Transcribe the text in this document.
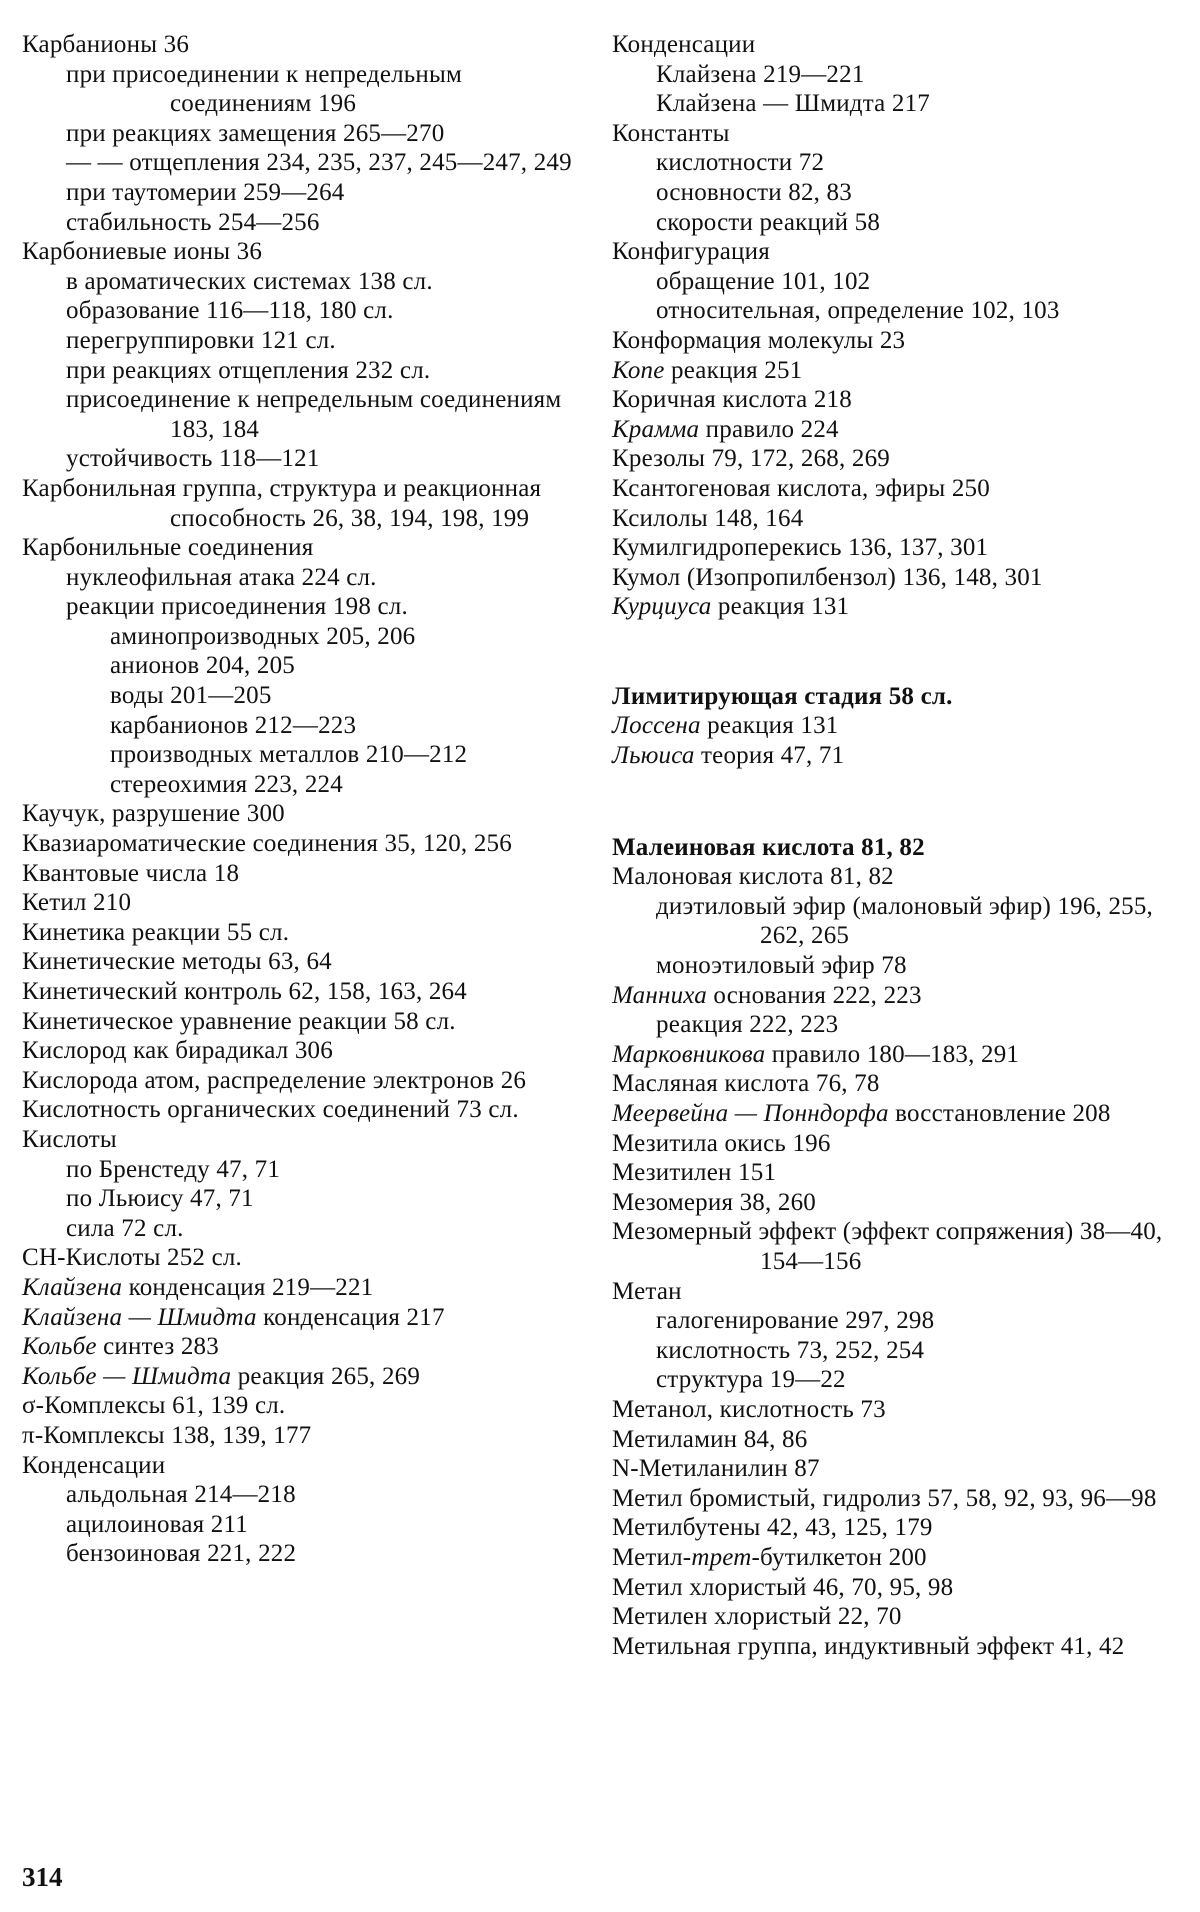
Карбанионы 36
при присоединении к непредельным соединениям 196
при реакциях замещения 265—270
— — отщепления 234, 235, 237, 245—247, 249
при таутомерии 259—264
стабильность 254—256
Карбониевые ионы 36
в ароматических системах 138 сл.
образование 116—118, 180 сл.
перегруппировки 121 сл.
при реакциях отщепления 232 сл.
присоединение к непредельным соединениям 183, 184
устойчивость 118—121
Карбонильная группа, структура и реакционная способность 26, 38, 194, 198, 199
Карбонильные соединения
нуклеофильная атака 224 сл.
реакции присоединения 198 сл.
аминопроизводных 205, 206
анионов 204, 205
воды 201—205
карбанионов 212—223
производных металлов 210—212
стереохимия 223, 224
Каучук, разрушение 300
Квазиароматические соединения 35, 120, 256
Квантовые числа 18
Кетил 210
Кинетика реакции 55 сл.
Кинетические методы 63, 64
Кинетический контроль 62, 158, 163, 264
Кинетическое уравнение реакции 58 сл.
Кислород как бирадикал 306
Кислорода атом, распределение электронов 26
Кислотность органических соединений 73 сл.
Кислоты
по Бренстеду 47, 71
по Льюису 47, 71
сила 72 сл.
СН-Кислоты 252 сл.
Клайзена конденсация 219—221
Клайзена — Шмидта конденсация 217
Кольбе синтез 283
Кольбе — Шмидта реакция 265, 269
σ-Комплексы 61, 139 сл.
π-Комплексы 138, 139, 177
Конденсации
альдольная 214—218
ацилоиновая 211
бензоиновая 221, 222
Конденсации
Клайзена 219—221
Клайзена — Шмидта 217
Константы
кислотности 72
основности 82, 83
скорости реакций 58
Конфигурация
обращение 101, 102
относительная, определение 102, 103
Конформация молекулы 23
Копе реакция 251
Коричная кислота 218
Крамма правило 224
Крезолы 79, 172, 268, 269
Ксантогеновая кислота, эфиры 250
Ксилолы 148, 164
Кумилгидроперекись 136, 137, 301
Кумол (Изопропилбензол) 136, 148, 301
Курциуса реакция 131
Лимитирующая стадия 58 сл.
Лоссена реакция 131
Льюиса теория 47, 71
Малеиновая кислота 81, 82
Малоновая кислота 81, 82
диэтиловый эфир (малоновый эфир) 196, 255, 262, 265
моноэтиловый эфир 78
Манниха основания 222, 223
реакция 222, 223
Марковникова правило 180—183, 291
Масляная кислота 76, 78
Меервейна — Понндорфа восстановление 208
Мезитила окись 196
Мезитилен 151
Мезомерия 38, 260
Мезомерный эффект (эффект сопряжения) 38—40, 154—156
Метан
галогенирование 297, 298
кислотность 73, 252, 254
структура 19—22
Метанол, кислотность 73
Метиламин 84, 86
N-Метиланилин 87
Метил бромистый, гидролиз 57, 58, 92, 93, 96—98
Метилбутены 42, 43, 125, 179
Метил-трет-бутилкетон 200
Метил хлористый 46, 70, 95, 98
Метилен хлористый 22, 70
Метильная группа, индуктивный эффект 41, 42
314
